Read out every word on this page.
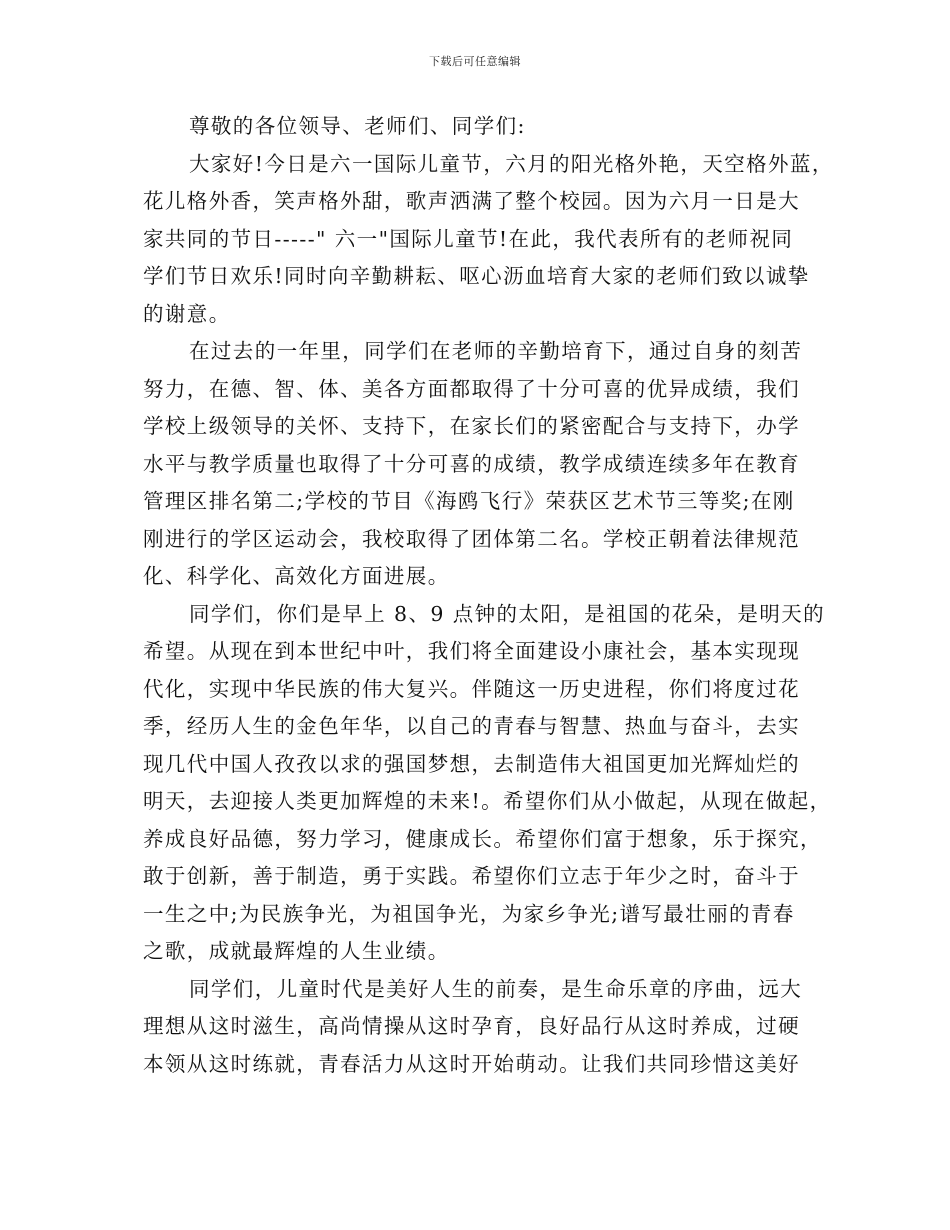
下载后可任意编辑
尊敬的各位领导、老师们、同学们:
大家好!今日是六一国际儿童节，六月的阳光格外艳，天空格外蓝，
花儿格外香，笑声格外甜，歌声洒满了整个校园。因为六月一日是大
家共同的节日-----" 六一"国际儿童节!在此，我代表所有的老师祝同
学们节日欢乐!同时向辛勤耕耘、呕心沥血培育大家的老师们致以诚挚
的谢意。
在过去的一年里，同学们在老师的辛勤培育下，通过自身的刻苦
努力，在德、智、体、美各方面都取得了十分可喜的优异成绩，我们
学校上级领导的关怀、支持下，在家长们的紧密配合与支持下，办学
水平与教学质量也取得了十分可喜的成绩，教学成绩连续多年在教育
管理区排名第二;学校的节目《海鸥飞行》荣获区艺术节三等奖;在刚
刚进行的学区运动会，我校取得了团体第二名。学校正朝着法律规范
化、科学化、高效化方面进展。
同学们，你们是早上 8、9 点钟的太阳，是祖国的花朵，是明天的
希望。从现在到本世纪中叶，我们将全面建设小康社会，基本实现现
代化，实现中华民族的伟大复兴。伴随这一历史进程，你们将度过花
季，经历人生的金色年华，以自己的青春与智慧、热血与奋斗，去实
现几代中国人孜孜以求的强国梦想，去制造伟大祖国更加光辉灿烂的
明天，去迎接人类更加辉煌的未来!。希望你们从小做起，从现在做起，
养成良好品德，努力学习，健康成长。希望你们富于想象，乐于探究，
敢于创新，善于制造，勇于实践。希望你们立志于年少之时，奋斗于
一生之中;为民族争光，为祖国争光，为家乡争光;谱写最壮丽的青春
之歌，成就最辉煌的人生业绩。
同学们，儿童时代是美好人生的前奏，是生命乐章的序曲，远大
理想从这时滋生，高尚情操从这时孕育，良好品行从这时养成，过硬
本领从这时练就，青春活力从这时开始萌动。让我们共同珍惜这美好
